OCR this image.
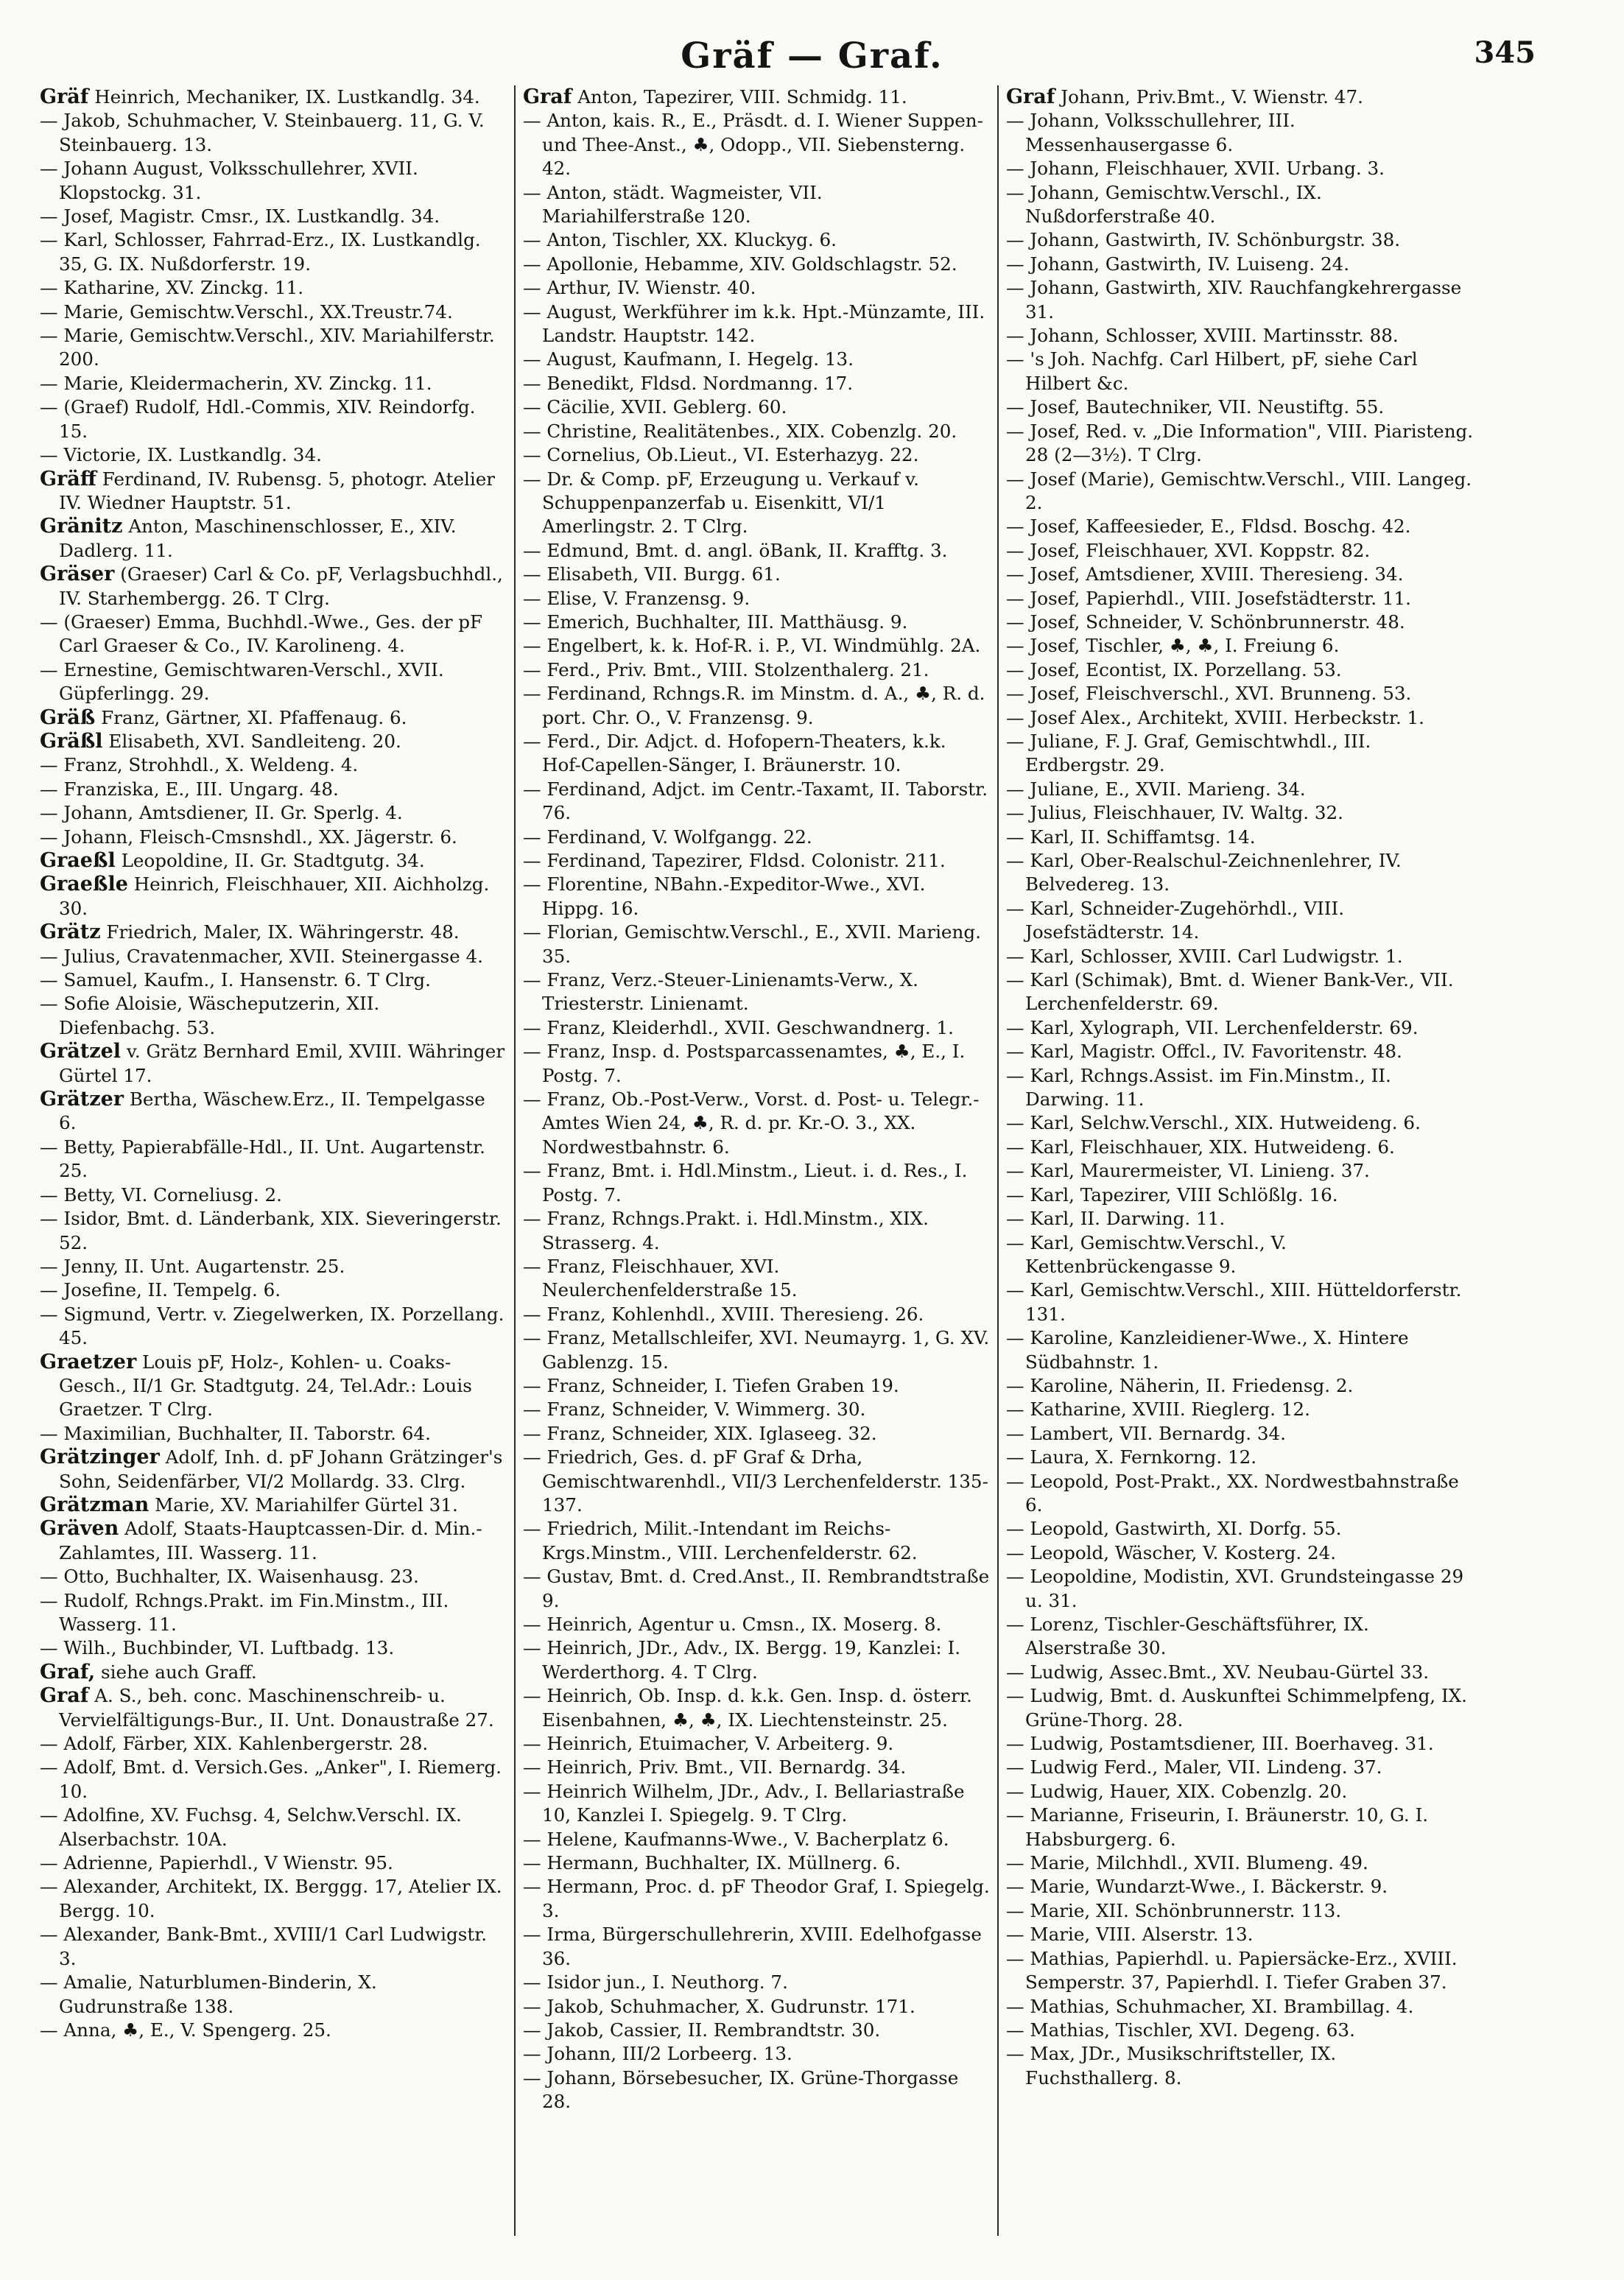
Gräf — Graf.	345
Gräf Heinrich, Mechaniker, IX. Lustkandlg. 34.
— Jakob, Schuhmacher, V. Steinbauerg. 11, G. V. Steinbauerg. 13.
— Johann August, Volksschullehrer, XVII. Klopstockg. 31.
— Josef, Magistr. Cmsr., IX. Lustkandlg. 34.
— Karl, Schlosser, Fahrrad-Erz., IX. Lustkandlg. 35, G. IX. Nußdorferstr. 19.
— Katharine, XV. Zinckg. 11.
— Marie, Gemischtw.Verschl., XX.Treustr.74.
— Marie, Gemischtw.Verschl., XIV. Mariahilferstr. 200.
— Marie, Kleidermacherin, XV. Zinckg. 11.
— (Graef) Rudolf, Hdl.-Commis, XIV. Reindorfg. 15.
— Victorie, IX. Lustkandlg. 34.
Gräff Ferdinand, IV. Rubensg. 5, photogr. Atelier IV. Wiedner Hauptstr. 51.
Gränitz Anton, Maschinenschlosser, E., XIV. Dadlerg. 11.
Gräser (Graeser) Carl & Co. pF, Verlagsbuchhdl., IV. Starhembergg. 26. T Clrg.
— (Graeser) Emma, Buchhdl.-Wwe., Ges. der pF Carl Graeser & Co., IV. Karolineng. 4.
— Ernestine, Gemischtwaren-Verschl., XVII. Güpferlingg. 29.
Gräß Franz, Gärtner, XI. Pfaffenaug. 6.
Gräßl Elisabeth, XVI. Sandleiteng. 20.
— Franz, Strohhdl., X. Weldeng. 4.
— Franziska, E., III. Ungarg. 48.
— Johann, Amtsdiener, II. Gr. Sperlg. 4.
— Johann, Fleisch-Cmsnshdl., XX. Jägerstr. 6.
Graeßl Leopoldine, II. Gr. Stadtgutg. 34.
Graeßle Heinrich, Fleischhauer, XII. Aichholzg. 30.
Grätz Friedrich, Maler, IX. Währingerstr. 48.
— Julius, Cravatenmacher, XVII. Steinergasse 4.
— Samuel, Kaufm., I. Hansenstr. 6. T Clrg.
— Sofie Aloisie, Wäscheputzerin, XII. Diefenbachg. 53.
Grätzel v. Grätz Bernhard Emil, XVIII. Währinger Gürtel 17.
Grätzer Bertha, Wäschew.Erz., II. Tempelgasse 6.
— Betty, Papierabfälle-Hdl., II. Unt. Augartenstr. 25.
— Betty, VI. Corneliusg. 2.
— Isidor, Bmt. d. Länderbank, XIX. Sieveringerstr. 52.
— Jenny, II. Unt. Augartenstr. 25.
— Josefine, II. Tempelg. 6.
— Sigmund, Vertr. v. Ziegelwerken, IX. Porzellang. 45.
Graetzer Louis pF, Holz-, Kohlen- u. Coaks-Gesch., II/1 Gr. Stadtgutg. 24, Tel.Adr.: Louis Graetzer. T Clrg.
— Maximilian, Buchhalter, II. Taborstr. 64.
Grätzinger Adolf, Inh. d. pF Johann Grätzinger's Sohn, Seidenfärber, VI/2 Mollardg. 33. Clrg.
Grätzman Marie, XV. Mariahilfer Gürtel 31.
Gräven Adolf, Staats-Hauptcassen-Dir. d. Min.-Zahlamtes, III. Wasserg. 11.
— Otto, Buchhalter, IX. Waisenhausg. 23.
— Rudolf, Rchngs.Prakt. im Fin.Minstm., III. Wasserg. 11.
— Wilh., Buchbinder, VI. Luftbadg. 13.
Graf, siehe auch Graff.
Graf A. S., beh. conc. Maschinenschreib- u. Vervielfältigungs-Bur., II. Unt. Donaustraße 27.
— Adolf, Färber, XIX. Kahlenbergerstr. 28.
— Adolf, Bmt. d. Versich.Ges. „Anker", I. Riemerg. 10.
— Adolfine, XV. Fuchsg. 4, Selchw.Verschl. IX. Alserbachstr. 10A.
— Adrienne, Papierhdl., V Wienstr. 95.
— Alexander, Architekt, IX. Berggg. 17, Atelier IX. Bergg. 10.
— Alexander, Bank-Bmt., XVIII/1 Carl Ludwigstr. 3.
— Amalie, Naturblumen-Binderin, X. Gudrunstraße 138.
— Anna, ♣, E., V. Spengerg. 25.
Graf Anton, Tapezirer, VIII. Schmidg. 11.
— Anton, kais. R., E., Präsdt. d. I. Wiener Suppen- und Thee-Anst., ♣, Odopp., VII. Siebensterng. 42.
— Anton, städt. Wagmeister, VII. Mariahilferstraße 120.
— Anton, Tischler, XX. Kluckyg. 6.
— Apollonie, Hebamme, XIV. Goldschlagstr. 52.
— Arthur, IV. Wienstr. 40.
— August, Werkführer im k.k. Hpt.-Münzamte, III. Landstr. Hauptstr. 142.
— August, Kaufmann, I. Hegelg. 13.
— Benedikt, Fldsd. Nordmanng. 17.
— Cäcilie, XVII. Geblerg. 60.
— Christine, Realitätenbes., XIX. Cobenzlg. 20.
— Cornelius, Ob.Lieut., VI. Esterhazyg. 22.
— Dr. & Comp. pF, Erzeugung u. Verkauf v. Schuppenpanzerfab u. Eisenkitt, VI/1 Amerlingstr. 2. T Clrg.
— Edmund, Bmt. d. angl. öBank, II. Krafftg. 3.
— Elisabeth, VII. Burgg. 61.
— Elise, V. Franzensg. 9.
— Emerich, Buchhalter, III. Matthäusg. 9.
— Engelbert, k. k. Hof-R. i. P., VI. Windmühlg. 2A.
— Ferd., Priv. Bmt., VIII. Stolzenthalerg. 21.
— Ferdinand, Rchngs.R. im Minstm. d. A., ♣, R. d. port. Chr. O., V. Franzensg. 9.
— Ferd., Dir. Adjct. d. Hofopern-Theaters, k.k. Hof-Capellen-Sänger, I. Bräunerstr. 10.
— Ferdinand, Adjct. im Centr.-Taxamt, II. Taborstr. 76.
— Ferdinand, V. Wolfgangg. 22.
— Ferdinand, Tapezirer, Fldsd. Colonistr. 211.
— Florentine, NBahn.-Expeditor-Wwe., XVI. Hippg. 16.
— Florian, Gemischtw.Verschl., E., XVII. Marieng. 35.
— Franz, Verz.-Steuer-Linienamts-Verw., X. Triesterstr. Linienamt.
— Franz, Kleiderhdl., XVII. Geschwandnerg. 1.
— Franz, Insp. d. Postsparcassenamtes, ♣, E., I. Postg. 7.
— Franz, Ob.-Post-Verw., Vorst. d. Post- u. Telegr.-Amtes Wien 24, ♣, R. d. pr. Kr.-O. 3., XX. Nordwestbahnstr. 6.
— Franz, Bmt. i. Hdl.Minstm., Lieut. i. d. Res., I. Postg. 7.
— Franz, Rchngs.Prakt. i. Hdl.Minstm., XIX. Strasserg. 4.
— Franz, Fleischhauer, XVI. Neulerchenfelderstraße 15.
— Franz, Kohlenhdl., XVIII. Theresieng. 26.
— Franz, Metallschleifer, XVI. Neumayrg. 1, G. XV. Gablenzg. 15.
— Franz, Schneider, I. Tiefen Graben 19.
— Franz, Schneider, V. Wimmerg. 30.
— Franz, Schneider, XIX. Iglaseeg. 32.
— Friedrich, Ges. d. pF Graf & Drha, Gemischtwarenhdl., VII/3 Lerchenfelderstr. 135-137.
— Friedrich, Milit.-Intendant im Reichs-Krgs.Minstm., VIII. Lerchenfelderstr. 62.
— Gustav, Bmt. d. Cred.Anst., II. Rembrandtstraße 9.
— Heinrich, Agentur u. Cmsn., IX. Moserg. 8.
— Heinrich, JDr., Adv., IX. Bergg. 19, Kanzlei: I. Werderthorg. 4. T Clrg.
— Heinrich, Ob. Insp. d. k.k. Gen. Insp. d. österr. Eisenbahnen, ♣, ♣, IX. Liechtensteinstr. 25.
— Heinrich, Etuimacher, V. Arbeiterg. 9.
— Heinrich, Priv. Bmt., VII. Bernardg. 34.
— Heinrich Wilhelm, JDr., Adv., I. Bellariastraße 10, Kanzlei I. Spiegelg. 9. T Clrg.
— Helene, Kaufmanns-Wwe., V. Bacherplatz 6.
— Hermann, Buchhalter, IX. Müllnerg. 6.
— Hermann, Proc. d. pF Theodor Graf, I. Spiegelg. 3.
— Irma, Bürgerschullehrerin, XVIII. Edelhofgasse 36.
— Isidor jun., I. Neuthorg. 7.
— Jakob, Schuhmacher, X. Gudrunstr. 171.
— Jakob, Cassier, II. Rembrandtstr. 30.
— Johann, III/2 Lorbeerg. 13.
— Johann, Börsebesucher, IX. Grüne-Thorgasse 28.
Graf Johann, Priv.Bmt., V. Wienstr. 47.
— Johann, Volksschullehrer, III. Messenhausergasse 6.
— Johann, Fleischhauer, XVII. Urbang. 3.
— Johann, Gemischtw.Verschl., IX. Nußdorferstraße 40.
— Johann, Gastwirth, IV. Schönburgstr. 38.
— Johann, Gastwirth, IV. Luiseng. 24.
— Johann, Gastwirth, XIV. Rauchfangkehrergasse 31.
— Johann, Schlosser, XVIII. Martinsstr. 88.
— 's Joh. Nachfg. Carl Hilbert, pF, siehe Carl Hilbert &c.
— Josef, Bautechniker, VII. Neustiftg. 55.
— Josef, Red. v. „Die Information", VIII. Piaristeng. 28 (2—3½). T Clrg.
— Josef (Marie), Gemischtw.Verschl., VIII. Langeg. 2.
— Josef, Kaffeesieder, E., Fldsd. Boschg. 42.
— Josef, Fleischhauer, XVI. Koppstr. 82.
— Josef, Amtsdiener, XVIII. Theresieng. 34.
— Josef, Papierhdl., VIII. Josefstädterstr. 11.
— Josef, Schneider, V. Schönbrunnerstr. 48.
— Josef, Tischler, ♣, ♣, I. Freiung 6.
— Josef, Econtist, IX. Porzellang. 53.
— Josef, Fleischverschl., XVI. Brunneng. 53.
— Josef Alex., Architekt, XVIII. Herbeckstr. 1.
— Juliane, F. J. Graf, Gemischtwhdl., III. Erdbergstr. 29.
— Juliane, E., XVII. Marieng. 34.
— Julius, Fleischhauer, IV. Waltg. 32.
— Karl, II. Schiffamtsg. 14.
— Karl, Ober-Realschul-Zeichnenlehrer, IV. Belvedereg. 13.
— Karl, Schneider-Zugehörhdl., VIII. Josefstädterstr. 14.
— Karl, Schlosser, XVIII. Carl Ludwigstr. 1.
— Karl (Schimak), Bmt. d. Wiener Bank-Ver., VII. Lerchenfelderstr. 69.
— Karl, Xylograph, VII. Lerchenfelderstr. 69.
— Karl, Magistr. Offcl., IV. Favoritenstr. 48.
— Karl, Rchngs.Assist. im Fin.Minstm., II. Darwing. 11.
— Karl, Selchw.Verschl., XIX. Hutweideng. 6.
— Karl, Fleischhauer, XIX. Hutweideng. 6.
— Karl, Maurermeister, VI. Linieng. 37.
— Karl, Tapezirer, VIII Schlößlg. 16.
— Karl, II. Darwing. 11.
— Karl, Gemischtw.Verschl., V. Kettenbrückengasse 9.
— Karl, Gemischtw.Verschl., XIII. Hütteldorferstr. 131.
— Karoline, Kanzleidiener-Wwe., X. Hintere Südbahnstr. 1.
— Karoline, Näherin, II. Friedensg. 2.
— Katharine, XVIII. Rieglerg. 12.
— Lambert, VII. Bernardg. 34.
— Laura, X. Fernkorng. 12.
— Leopold, Post-Prakt., XX. Nordwestbahnstraße 6.
— Leopold, Gastwirth, XI. Dorfg. 55.
— Leopold, Wäscher, V. Kosterg. 24.
— Leopoldine, Modistin, XVI. Grundsteingasse 29 u. 31.
— Lorenz, Tischler-Geschäftsführer, IX. Alserstraße 30.
— Ludwig, Assec.Bmt., XV. Neubau-Gürtel 33.
— Ludwig, Bmt. d. Auskunftei Schimmelpfeng, IX. Grüne-Thorg. 28.
— Ludwig, Postamtsdiener, III. Boerhaveg. 31.
— Ludwig Ferd., Maler, VII. Lindeng. 37.
— Ludwig, Hauer, XIX. Cobenzlg. 20.
— Marianne, Friseurin, I. Bräunerstr. 10, G. I. Habsburgerg. 6.
— Marie, Milchhdl., XVII. Blumeng. 49.
— Marie, Wundarzt-Wwe., I. Bäckerstr. 9.
— Marie, XII. Schönbrunnerstr. 113.
— Marie, VIII. Alserstr. 13.
— Mathias, Papierhdl. u. Papiersäcke-Erz., XVIII. Semperstr. 37, Papierhdl. I. Tiefer Graben 37.
— Mathias, Schuhmacher, XI. Brambillag. 4.
— Mathias, Tischler, XVI. Degeng. 63.
— Max, JDr., Musikschriftsteller, IX. Fuchsthallerg. 8.
